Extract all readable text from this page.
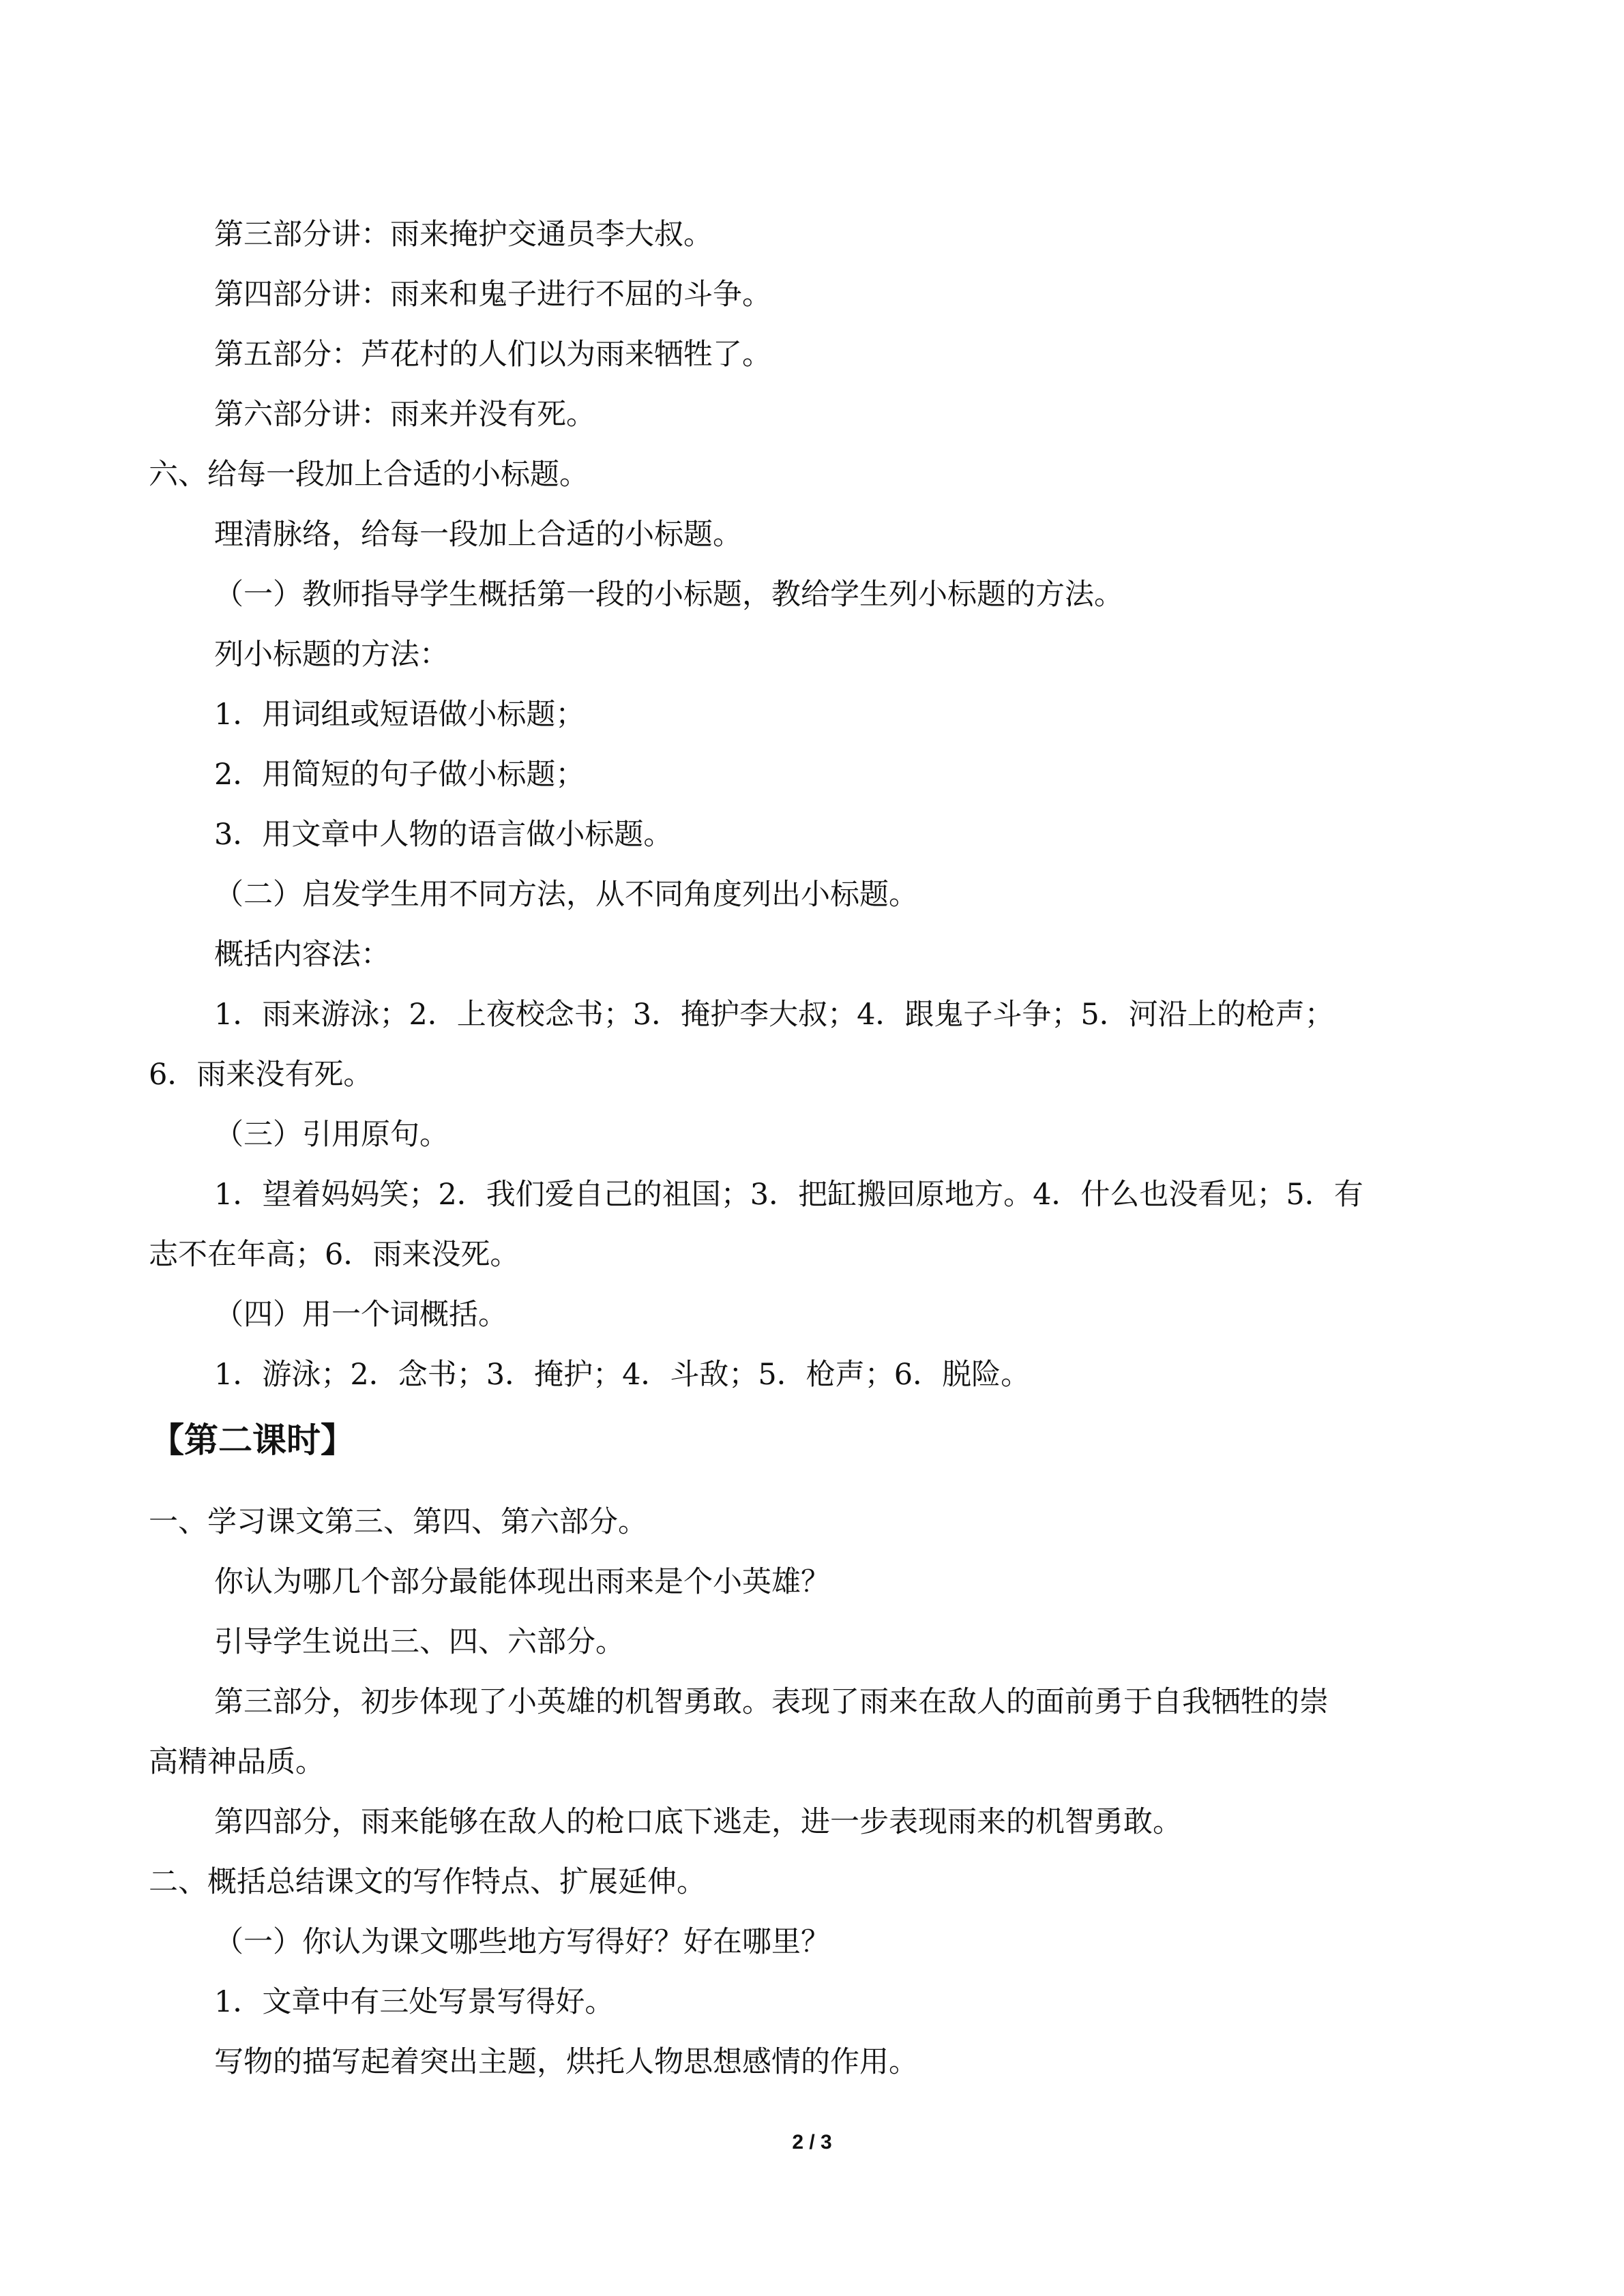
第三部分讲：雨来掩护交通员李大叔。
第四部分讲：雨来和鬼子进行不屈的斗争。
第五部分：芦花村的人们以为雨来牺牲了。
第六部分讲：雨来并没有死。
六、给每一段加上合适的小标题。
理清脉络，给每一段加上合适的小标题。
（一）教师指导学生概括第一段的小标题，教给学生列小标题的方法。
列小标题的方法：
1．用词组或短语做小标题；
2．用简短的句子做小标题；
3．用文章中人物的语言做小标题。
（二）启发学生用不同方法，从不同角度列出小标题。
概括内容法：
1．雨来游泳；2．上夜校念书；3．掩护李大叔；4．跟鬼子斗争；5．河沿上的枪声；
6．雨来没有死。
（三）引用原句。
1．望着妈妈笑；2．我们爱自己的祖国；3．把缸搬回原地方。4．什么也没看见；5．有
志不在年高；6．雨来没死。
（四）用一个词概括。
1．游泳；2．念书；3．掩护；4．斗敌；5．枪声；6．脱险。
【第二课时】
一、学习课文第三、第四、第六部分。
你认为哪几个部分最能体现出雨来是个小英雄？
引导学生说出三、四、六部分。
第三部分，初步体现了小英雄的机智勇敢。表现了雨来在敌人的面前勇于自我牺牲的崇
高精神品质。
第四部分，雨来能够在敌人的枪口底下逃走，进一步表现雨来的机智勇敢。
二、概括总结课文的写作特点、扩展延伸。
（一）你认为课文哪些地方写得好？好在哪里？
1．文章中有三处写景写得好。
写物的描写起着突出主题，烘托人物思想感情的作用。
2 / 3
